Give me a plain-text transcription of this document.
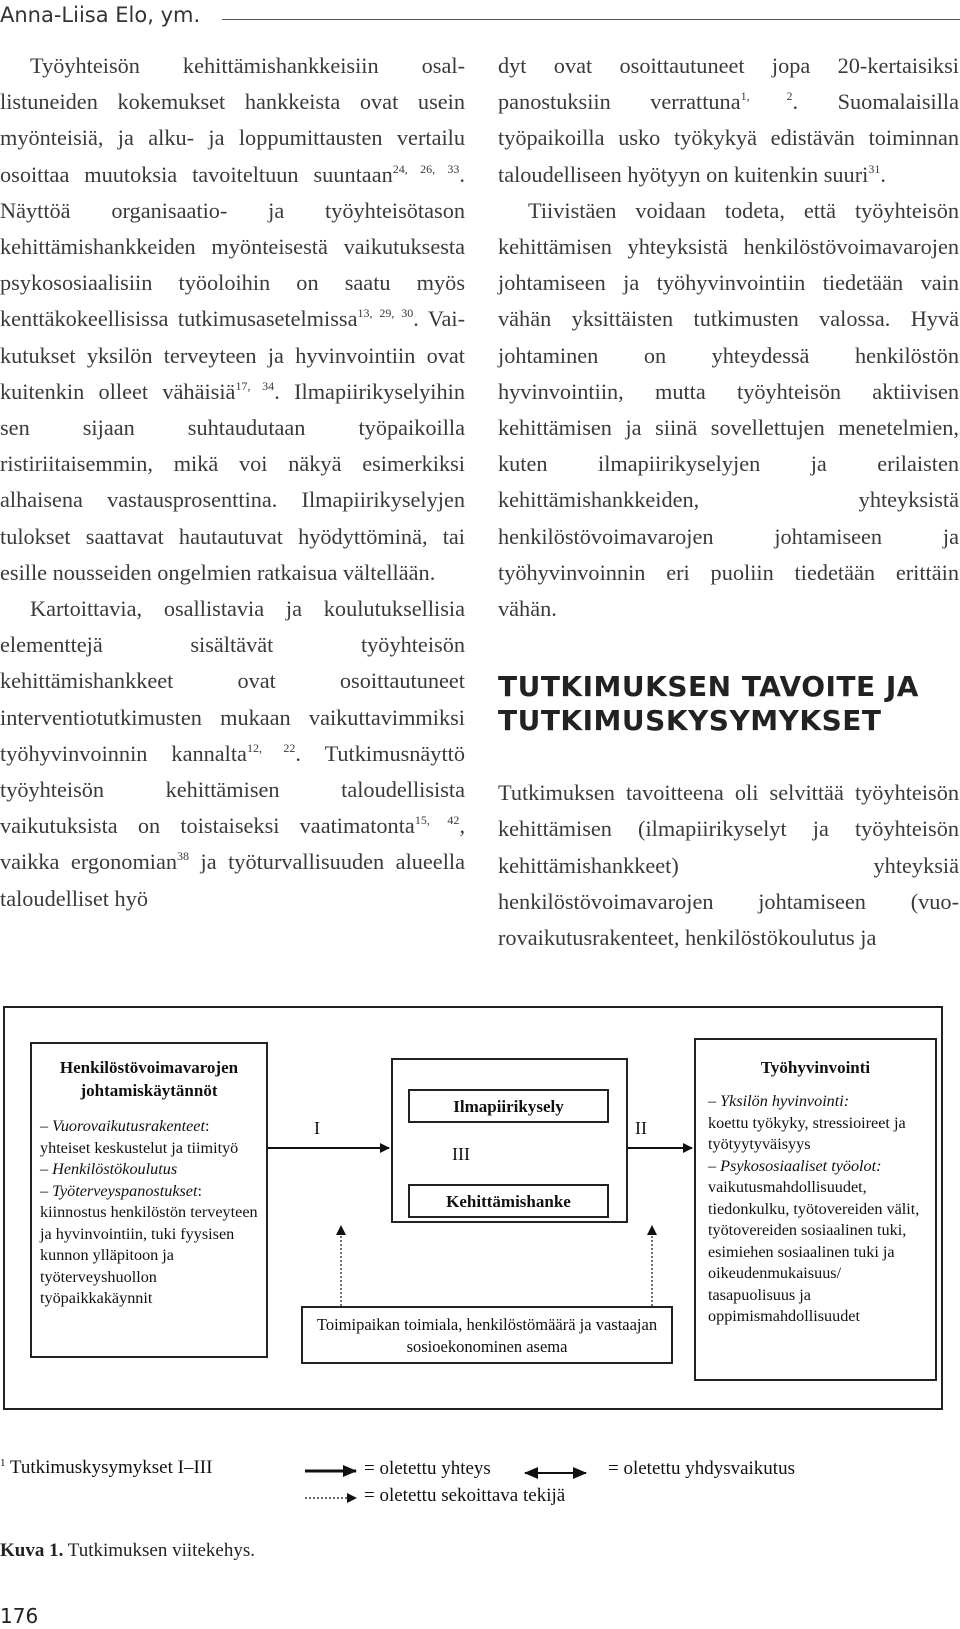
Anna-Liisa Elo, ym.

Työyhteisön kehittämishankkeisiin osallistuneiden kokemukset hankkeista ovat usein myönteisiä, ja alku- ja loppumittausten vertailu osoittaa muutoksia tavoiteltuun suuntaan$^{24, 26, 33}$. Näyttöä organisaatio- ja työyhteisötason kehittämishankkeiden myönteisestä vaikutuksesta psykososiaalisiin työoloihin on saatu myös kenttäkokeellisissa tutkimusasetelmissa$^{13, 29, 30}$. Vaikutukset yksilön terveyteen ja hyvinvointiin ovat kuitenkin olleet vähäisiä$^{17, 34}$. Ilmapiirikyselyihin sen sijaan suhtaudutaan työpaikoilla ristiriitaisemmin, mikä voi näkyä esimerkiksi alhaisena vastausprosenttina. Ilmapiirikyselyjen tulokset saattavat hautautuvat hyödyttöminä, tai esille nousseiden ongelmien ratkaisua vältellään.

Kartoittavia, osallistavia ja koulutuksellisia elementtejä sisältävät työyhteisön kehittämishankkeet ovat osoittautuneet interventiotutkimusten mukaan vaikuttavimmiksi työhyvinvoinnin kannalta$^{12, 22}$. Tutkimusnäyttö työyhteisön kehittämisen taloudellisista vaikutuksista on toistaiseksi vaatimatonta$^{15, 42}$, vaikka ergonomian$^{38}$ ja työturvallisuuden alueella taloudelliset hyö

dyt ovat osoittautuneet jopa 20-kertaisiksi panostuksiin verrattuna$^{1, 2}$. Suomalaisilla työpaikoilla usko työkykyä edistävän toiminnan taloudelliseen hyötyyn on kuitenkin suuri$^{31}$.

Tiivistäen voidaan todeta, että työyhteisön kehittämisen yhteyksistä henkilöstövoimavarojen johtamiseen ja työhyvinvointiin tiedetään vain vähän yksittäisten tutkimusten valossa. Hyvä johtaminen on yhteydessä henkilöstön hyvinvointiin, mutta työyhteisön aktiivisen kehittämisen ja siinä sovellettujen menetelmien, kuten ilmapiirikyselyjen ja erilaisten kehittämishankkeiden, yhteyksistä henkilöstövoimavarojen johtamiseen ja työhyvinvoinnin eri puoliin tiedetään erittäin vähän.

TUTKIMUKSEN TAVOITE JA
TUTKIMUSKYSYMYKSET

Tutkimuksen tavoitteena oli selvittää työyhteisön kehittämisen (ilmapiirikyselyt ja työyhteisön kehittämishankkeet) yhteyksiä henkilöstövoimavarojen johtamiseen (vuorovaikutusrakenteet, henkilöstökoulutus ja

Henkilöstövoimavarojen johtamiskäytännöt
– Vuorovaikutusrakenteet: yhteiset keskustelut ja tiimityö
– Henkilöstökoulutus
– Työterveyspanostukset: kiinnostus henkilöstön terveyteen ja hyvinvointiin, tuki fyysisen kunnon ylläpitoon ja työterveyshuollon työpaikkakäynnit
Ilmapiirikysely
Kehittämishanke
I	II
III
Työhyvinvointi
– Yksilön hyvinvointi:
koettu työkyky, stressioireet ja työtyytyväisyys
– Psykososiaaliset työolot:
vaikutusmahdollisuudet, tiedonkulku, työtovereiden välit, työtovereiden sosiaalinen tuki, esimiehen sosiaalinen tuki ja oikeudenmukaisuus/ tasapuolisuus ja oppimismahdollisuudet
Toimipaikan toimiala, henkilöstömäärä ja vastaajan sosioekonominen asema
$^1$ Tutkimuskysymykset I–III	= oletettu yhteys	= oletettu yhdysvaikutus
= oletettu sekoittava tekijä
Kuva 1. Tutkimuksen viitekehys.
176
